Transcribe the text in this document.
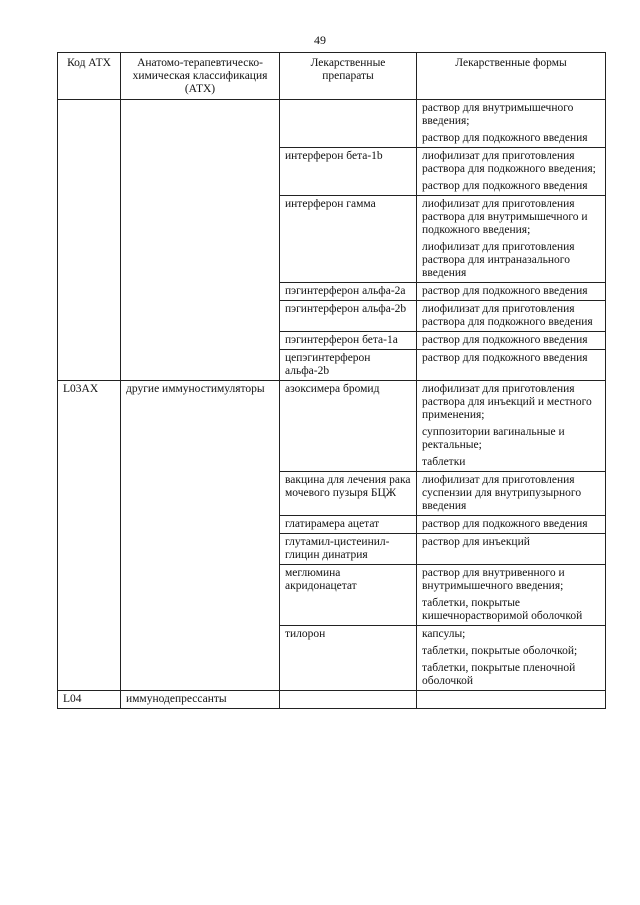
49
Код АТХ	Анатомо-терапевтическо-химическая классификация (АТХ)	Лекарственные препараты	Лекарственные формы

			раствор для внутримышечного введения;
раствор для подкожного введения

		интерферон бета-1b	лиофилизат для приготовления раствора для подкожного введения;
раствор для подкожного введения

		интерферон гамма	лиофилизат для приготовления раствора для внутримышечного и подкожного введения;
лиофилизат для приготовления раствора для интраназального введения

		пэгинтерферон альфа-2a	раствор для подкожного введения

		пэгинтерферон альфа-2b	лиофилизат для приготовления раствора для подкожного введения

		пэгинтерферон бета-1a	раствор для подкожного введения

		цепэгинтерферон альфа-2b	раствор для подкожного введения

L03AX	другие иммуностимуляторы	азоксимера бромид	лиофилизат для приготовления раствора для инъекций и местного применения;
суппозитории вагинальные и ректальные;
таблетки

		вакцина для лечения рака мочевого пузыря БЦЖ	лиофилизат для приготовления суспензии для внутрипузырного введения

		глатирамера ацетат	раствор для подкожного введения

		глутамил-цистеинил-глицин динатрия	раствор для инъекций

		меглюмина акридонацетат	раствор для внутривенного и внутримышечного введения;
таблетки, покрытые кишечнорастворимой оболочкой

		тилорон	капсулы;
таблетки, покрытые оболочкой;
таблетки, покрытые пленочной оболочкой

L04	иммунодепрессанты		
